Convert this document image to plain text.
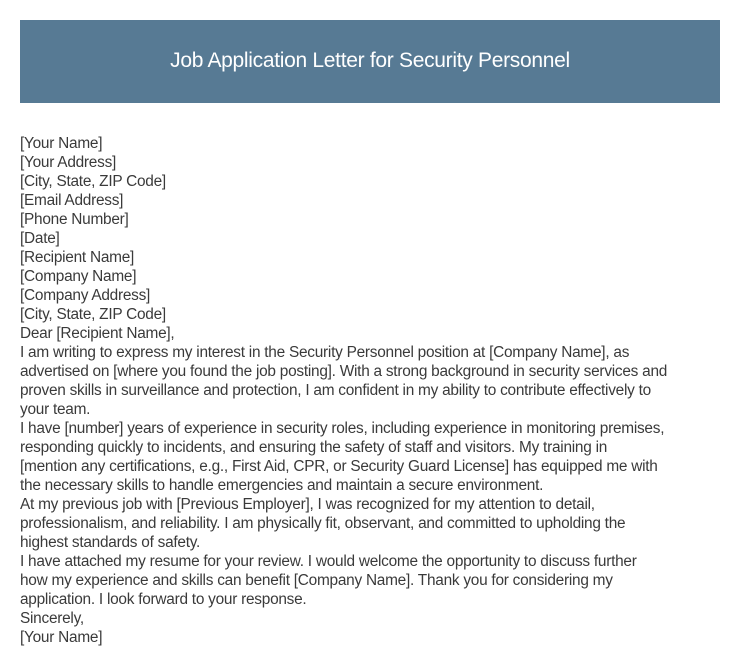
Job Application Letter for Security Personnel
[Your Name]
[Your Address]
[City, State, ZIP Code]
[Email Address]
[Phone Number]
[Date]
[Recipient Name]
[Company Name]
[Company Address]
[City, State, ZIP Code]
Dear [Recipient Name],
I am writing to express my interest in the Security Personnel position at [Company Name], as
advertised on [where you found the job posting]. With a strong background in security services and
proven skills in surveillance and protection, I am confident in my ability to contribute effectively to
your team.
I have [number] years of experience in security roles, including experience in monitoring premises,
responding quickly to incidents, and ensuring the safety of staff and visitors. My training in
[mention any certifications, e.g., First Aid, CPR, or Security Guard License] has equipped me with
the necessary skills to handle emergencies and maintain a secure environment.
At my previous job with [Previous Employer], I was recognized for my attention to detail,
professionalism, and reliability. I am physically fit, observant, and committed to upholding the
highest standards of safety.
I have attached my resume for your review. I would welcome the opportunity to discuss further
how my experience and skills can benefit [Company Name]. Thank you for considering my
application. I look forward to your response.
Sincerely,
[Your Name]
